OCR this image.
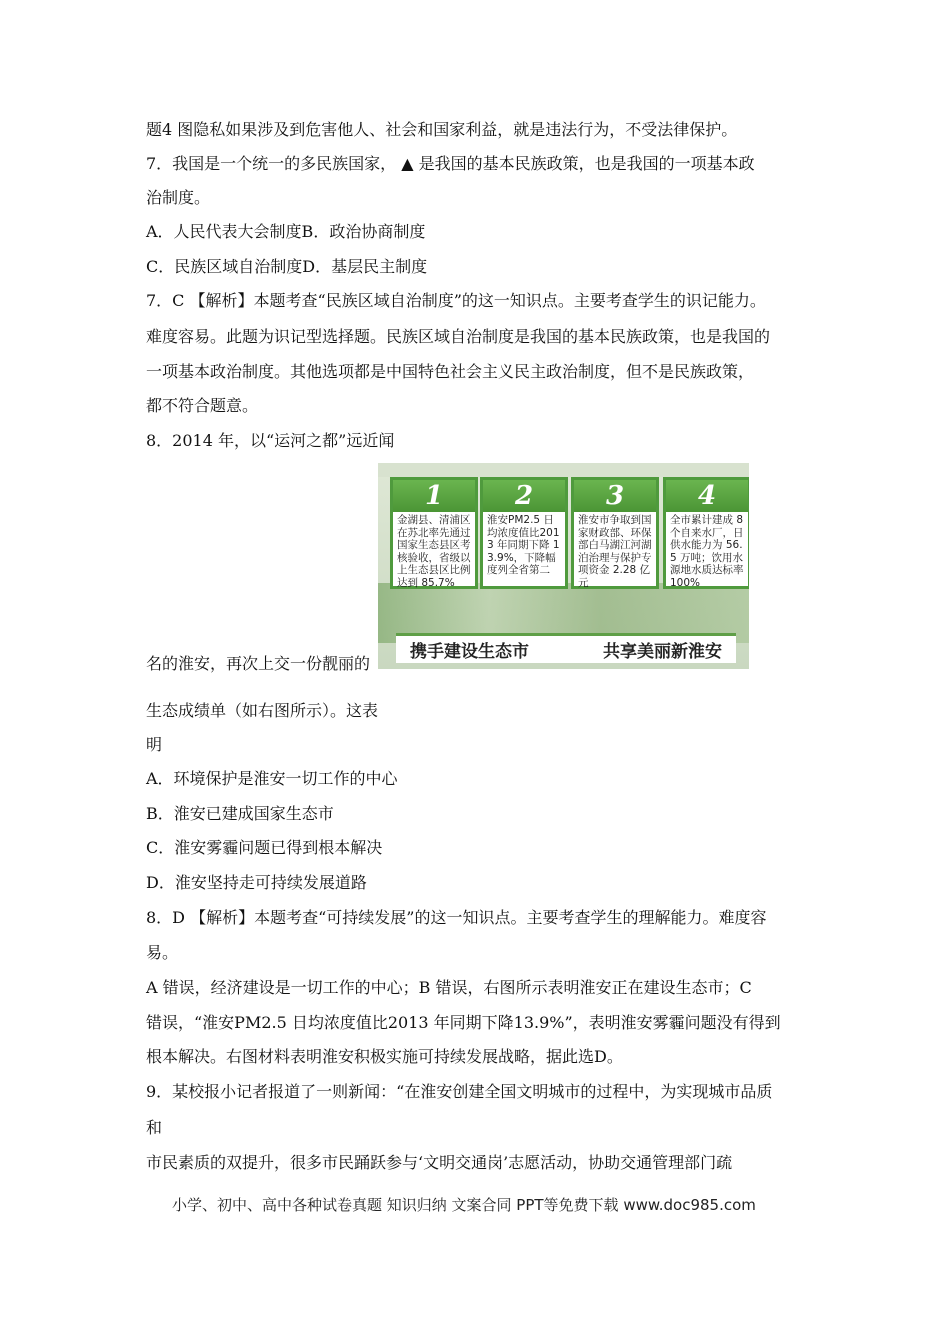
题4 图隐私如果涉及到危害他人、社会和国家利益，就是违法行为，不受法律保护。
7．我国是一个统一的多民族国家， ▲ 是我国的基本民族政策，也是我国的一项基本政
治制度。
A．人民代表大会制度B．政治协商制度
C．民族区域自治制度D．基层民主制度
7．C 【解析】本题考查“民族区域自治制度”的这一知识点。主要考查学生的识记能力。
难度容易。此题为识记型选择题。民族区域自治制度是我国的基本民族政策，也是我国的
一项基本政治制度。其他选项都是中国特色社会主义民主政治制度，但不是民族政策，
都不符合题意。
8．2014 年，以“运河之都”远近闻
名的淮安，再次上交一份靓丽的
生态成绩单（如右图所示）。这表
明
A．环境保护是淮安一切工作的中心
B．淮安已建成国家生态市
C．淮安雾霾问题已得到根本解决
D．淮安坚持走可持续发展道路
8．D 【解析】本题考查“可持续发展”的这一知识点。主要考查学生的理解能力。难度容
易。
A 错误，经济建设是一切工作的中心；B 错误，右图所示表明淮安正在建设生态市；C
错误，“淮安PM2.5 日均浓度值比2013 年同期下降13.9%”，表明淮安雾霾问题没有得到
根本解决。右图材料表明淮安积极实施可持续发展战略，据此选D。
9．某校报小记者报道了一则新闻：“在淮安创建全国文明城市的过程中，为实现城市品质
和
市民素质的双提升，很多市民踊跃参与‘文明交通岗’志愿活动，协助交通管理部门疏
1
金湖县、清浦区在苏北率先通过国家生态县区考核验收，省级以上生态县区比例达到 85.7%
2
淮安PM2.5 日均浓度值比2013 年同期下降 13.9%，下降幅度列全省第二
3
淮安市争取到国家财政部、环保部白马湖江河湖泊治理与保护专项资金 2.28 亿元
4
全市累计建成 8 个自来水厂，日供水能力为 56.5 万吨；饮用水源地水质达标率 100%
携手建设生态市	共享美丽新淮安
小学、初中、高中各种试卷真题 知识归纳 文案合同 PPT等免费下载 www.doc985.com
